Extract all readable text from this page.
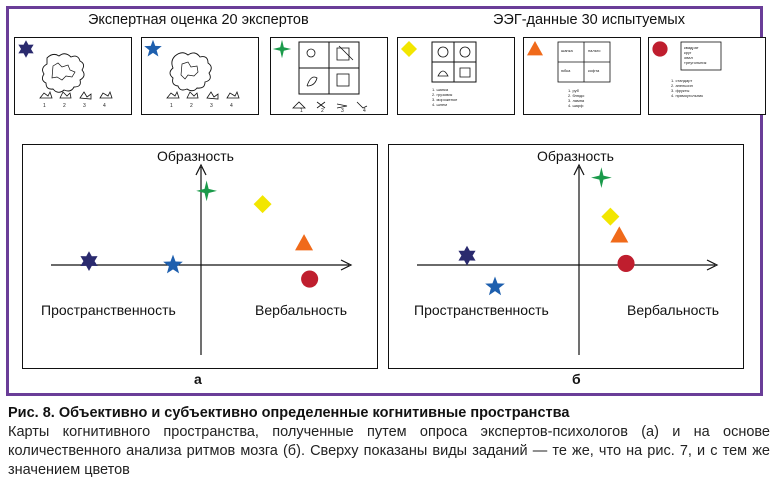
Экспертная оценка 20 экспертов	ЭЭГ-данные 30 испытуемых
1	2	3	4	1	2	3	4
1	2	3	4
1. шапка
2. грузовик
3. мороженое
4. шлем
шапка	пальто
юбка	кофта
1. руб
2. блюдо
3. лампа
4. шарф
квадрат
круг
овал
треугольник
1. стандарт
2. апельсин
3. фрукты
4. прямоугольник
Образность
Пространственность	Вербальность
а
Образность
Пространственность	Вербальность
б
Рис. 8. Объективно и субъективно определенные когнитивные пространства
Карты когнитивного пространства, полученные путем опроса экспертов-психологов (а) и на основе количественного анализа ритмов мозга (б). Сверху показаны виды заданий — те же, что на рис. 7, и с тем же значением цветов
